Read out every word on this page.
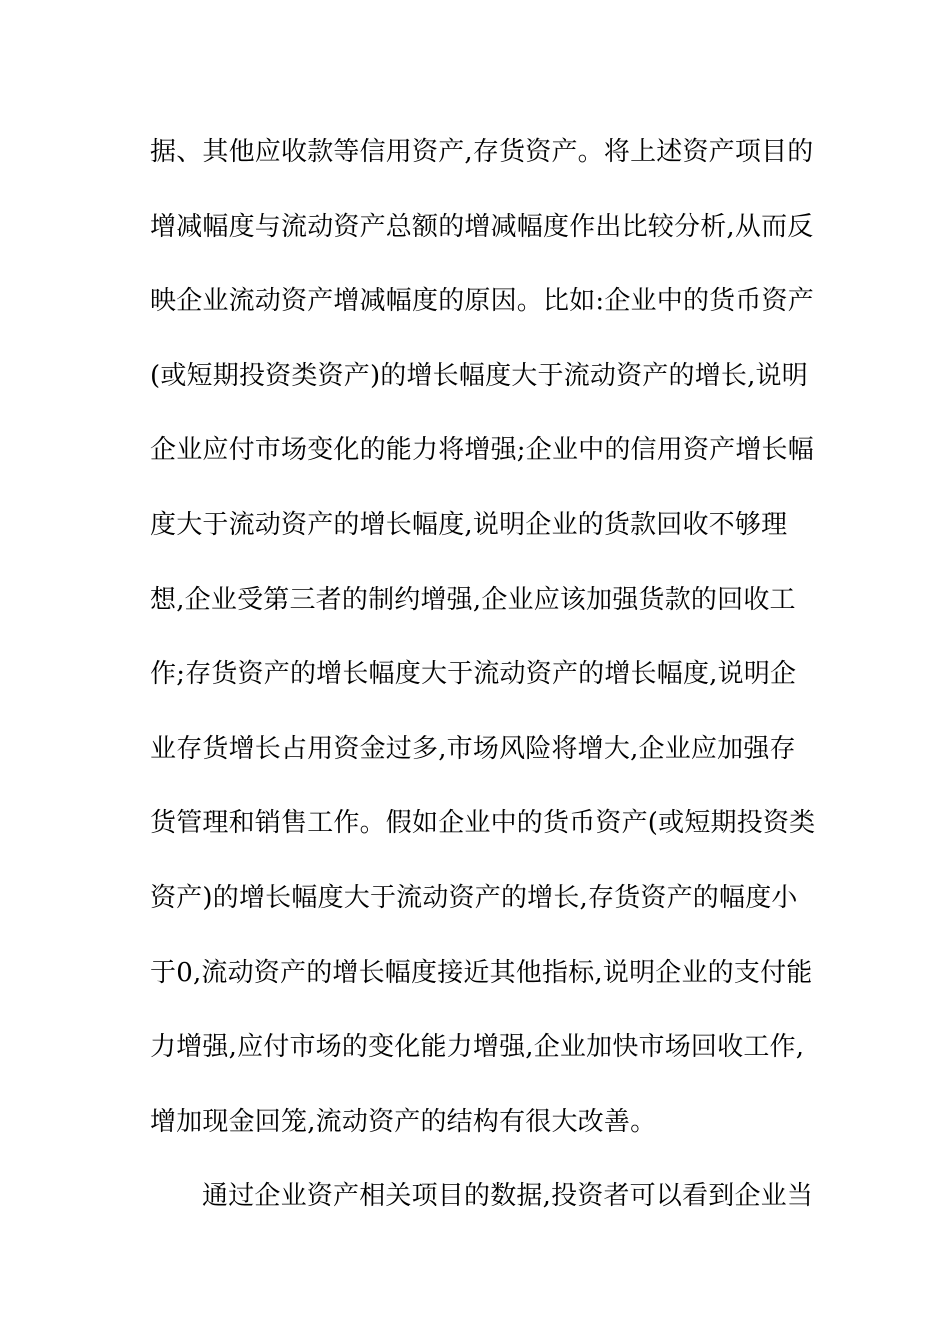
据、其他应收款等信用资产,存货资产。将上述资产项目的
增减幅度与流动资产总额的增减幅度作出比较分析,从而反
映企业流动资产增减幅度的原因。比如:企业中的货币资产
(或短期投资类资产)的增长幅度大于流动资产的增长,说明
企业应付市场变化的能力将增强;企业中的信用资产增长幅
度大于流动资产的增长幅度,说明企业的货款回收不够理
想,企业受第三者的制约增强,企业应该加强货款的回收工
作;存货资产的增长幅度大于流动资产的增长幅度,说明企
业存货增长占用资金过多,市场风险将增大,企业应加强存
货管理和销售工作。假如企业中的货币资产(或短期投资类
资产)的增长幅度大于流动资产的增长,存货资产的幅度小
于0,流动资产的增长幅度接近其他指标,说明企业的支付能
力增强,应付市场的变化能力增强,企业加快市场回收工作,
增加现金回笼,流动资产的结构有很大改善。
通过企业资产相关项目的数据,投资者可以看到企业当
